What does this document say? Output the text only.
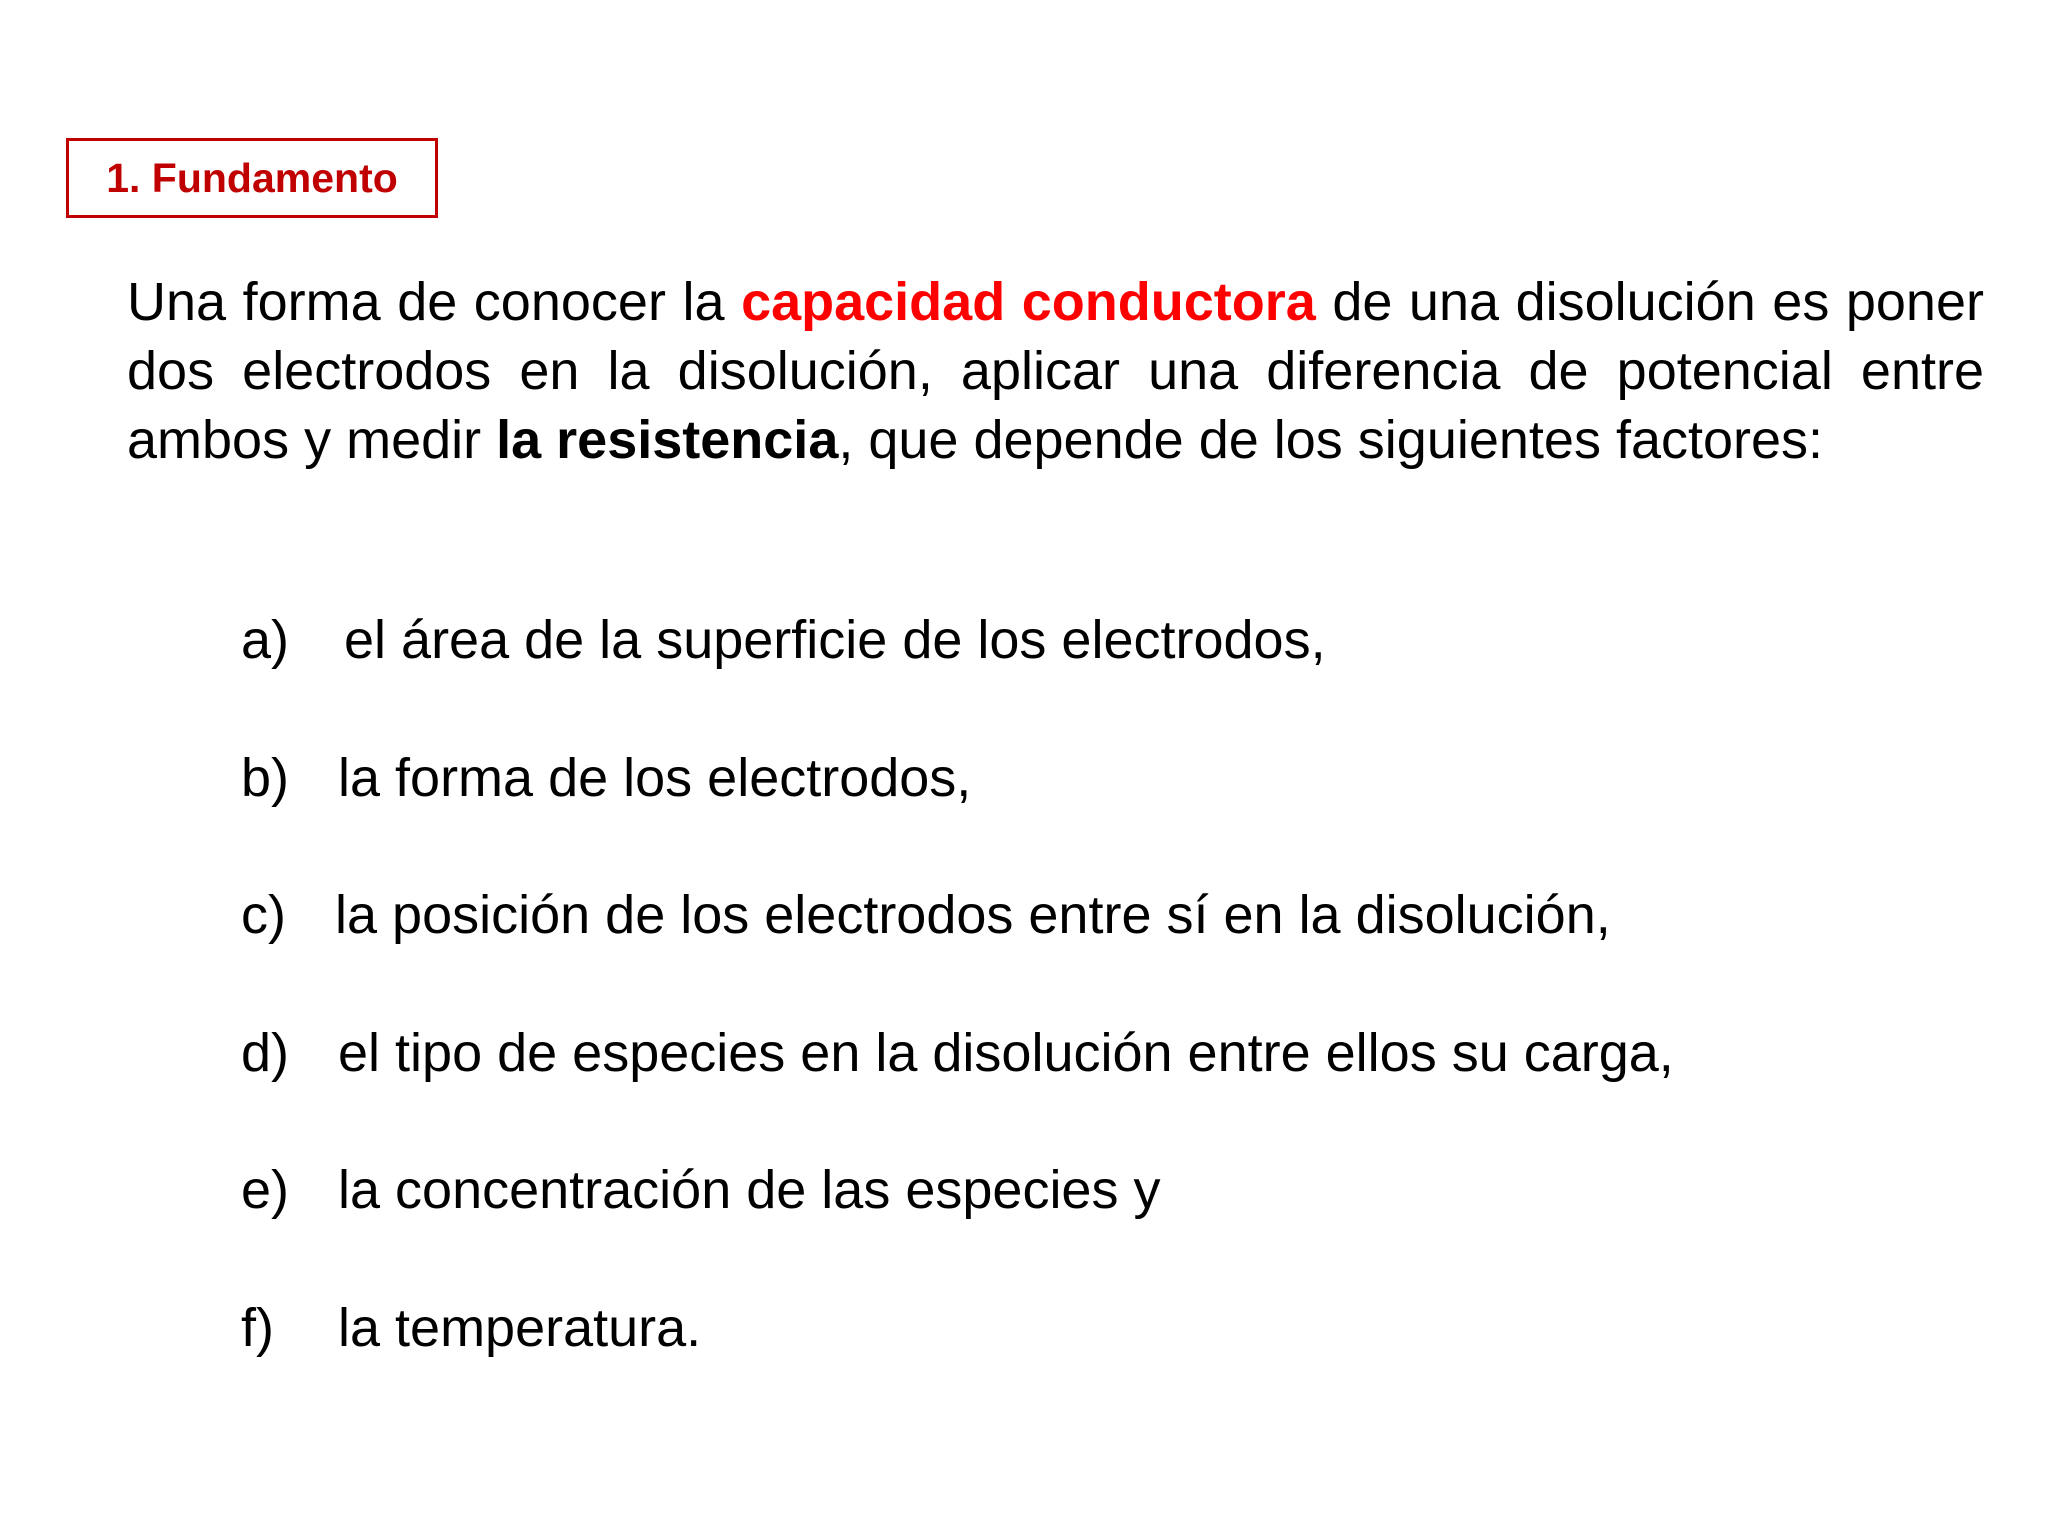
1. Fundamento

Una forma de conocer la capacidad conductora de una disolución es poner dos electrodos en la disolución, aplicar una diferencia de potencial entre ambos y medir la resistencia, que depende de los siguientes factores:

a) el área de la superficie de los electrodos,
b) la forma de los electrodos,
c) la posición de los electrodos entre sí en la disolución,
d) el tipo de especies en la disolución entre ellos su carga,
e) la concentración de las especies y
f) la temperatura.
